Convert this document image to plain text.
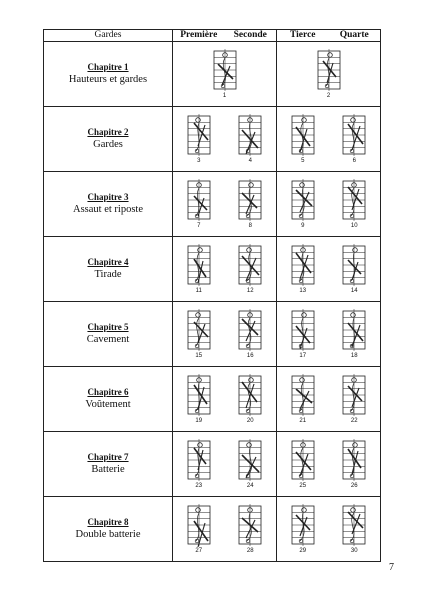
Gardes	Première	Seconde	Tierce	Quarte

Chapitre 1
Hauteurs et gardes	1		2	

Chapitre 2
Gardes	3	4	5	6

Chapitre 3
Assaut et riposte	7	8	9	10

Chapitre 4
Tirade	11	12	13	14

Chapitre 5
Cavement	15	16	17	18

Chapitre 6
Voûtement	19	20	21	22

Chapitre 7
Batterie	23	24	25	26

Chapitre 8
Double batterie	27	28	29	30
7
